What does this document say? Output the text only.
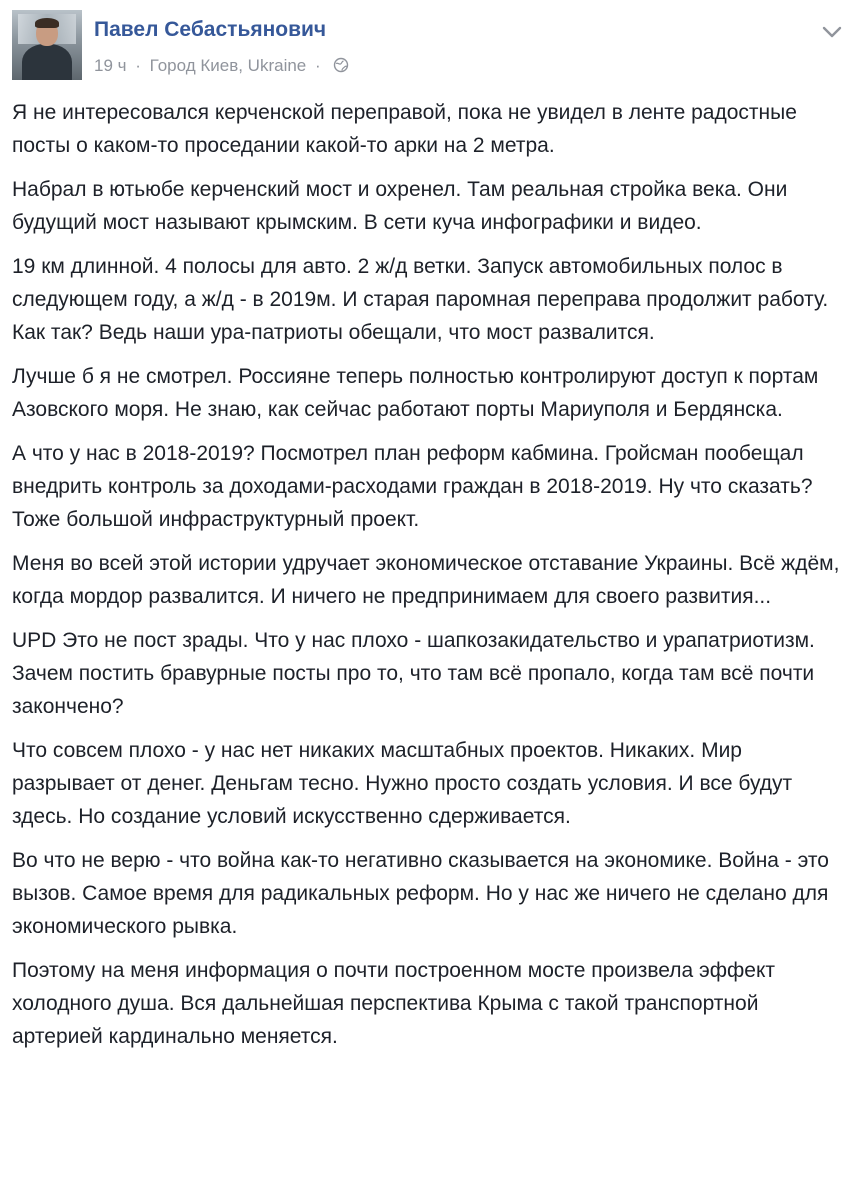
Павел Себастьянович
19 ч · Город Киев, Ukraine ·

Я не интересовался керченской переправой, пока не увидел в ленте радостные посты о каком-то проседании какой-то арки на 2 метра.

Набрал в ютьюбе керченский мост и охренел. Там реальная стройка века. Они будущий мост называют крымским. В сети куча инфографики и видео.

19 км длинной. 4 полосы для авто. 2 ж/д ветки. Запуск автомобильных полос в следующем году, а ж/д - в 2019м. И старая паромная переправа продолжит работу. Как так? Ведь наши ура-патриоты обещали, что мост развалится.

Лучше б я не смотрел. Россияне теперь полностью контролируют доступ к портам Азовского моря. Не знаю, как сейчас работают порты Мариуполя и Бердянска.

А что у нас в 2018-2019? Посмотрел план реформ кабмина. Гройсман пообещал внедрить контроль за доходами-расходами граждан в 2018-2019. Ну что сказать? Тоже большой инфраструктурный проект.

Меня во всей этой истории удручает экономическое отставание Украины. Всё ждём, когда мордор развалится. И ничего не предпринимаем для своего развития...

UPD Это не пост зрады. Что у нас плохо - шапкозакидательство и урапатриотизм. Зачем постить бравурные посты про то, что там всё пропало, когда там всё почти закончено?

Что совсем плохо - у нас нет никаких масштабных проектов. Никаких. Мир разрывает от денег. Деньгам тесно. Нужно просто создать условия. И все будут здесь. Но создание условий искусственно сдерживается.

Во что не верю - что война как-то негативно сказывается на экономике. Война - это вызов. Самое время для радикальных реформ. Но у нас же ничего не сделано для экономического рывка.

Поэтому на меня информация о почти построенном мосте произвела эффект холодного душа. Вся дальнейшая перспектива Крыма с такой транспортной артерией кардинально меняется.
